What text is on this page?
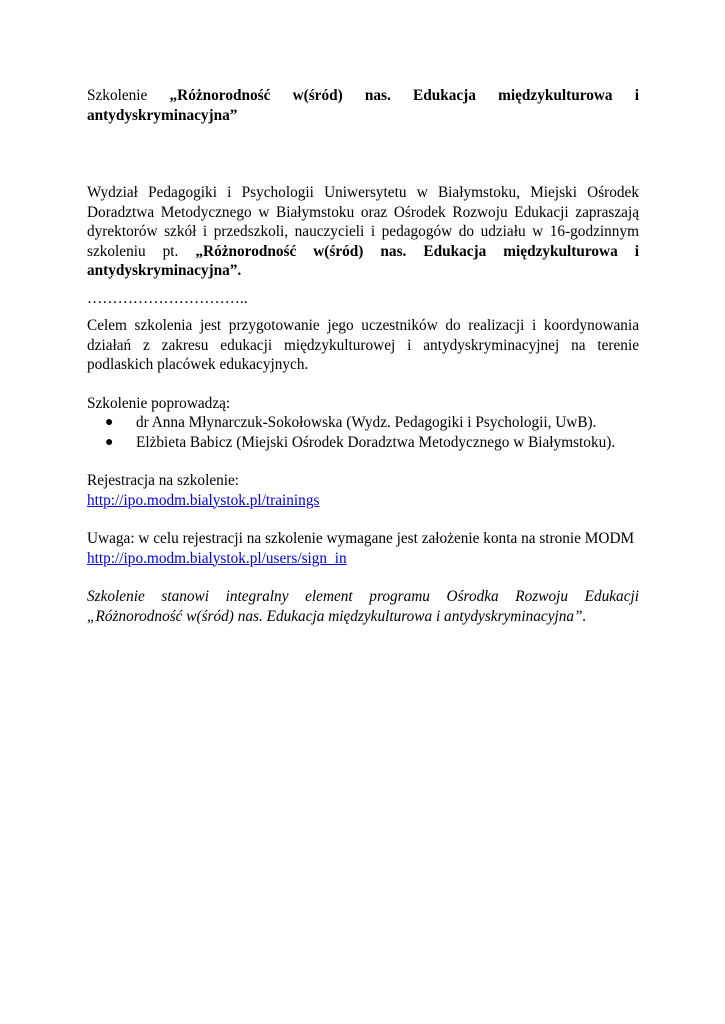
Szkolenie „Różnorodność w(śród) nas. Edukacja międzykulturowa i
antydyskryminacyjna”

Wydział Pedagogiki i Psychologii Uniwersytetu w Białymstoku, Miejski Ośrodek Doradztwa Metodycznego w Białymstoku oraz Ośrodek Rozwoju Edukacji zapraszają dyrektorów szkół i przedszkoli, nauczycieli i pedagogów do udziału w 16-godzinnym szkoleniu pt. „Różnorodność w(śród) nas. Edukacja międzykulturowa i antydyskryminacyjna”.

…………………………..

Celem szkolenia jest przygotowanie jego uczestników do realizacji i koordynowania działań z zakresu edukacji międzykulturowej i antydyskryminacyjnej na terenie podlaskich placówek edukacyjnych.

Szkolenie poprowadzą:

● dr Anna Młynarczuk-Sokołowska (Wydz. Pedagogiki i Psychologii, UwB).
● Elżbieta Babicz (Miejski Ośrodek Doradztwa Metodycznego w Białymstoku).

Rejestracja na szkolenie:

http://ipo.modm.bialystok.pl/trainings

Uwaga: w celu rejestracji na szkolenie wymagane jest założenie konta na stronie MODM

http://ipo.modm.bialystok.pl/users/sign_in

Szkolenie stanowi integralny element programu Ośrodka Rozwoju Edukacji „Różnorodność w(śród) nas. Edukacja międzykulturowa i antydyskryminacyjna”.
